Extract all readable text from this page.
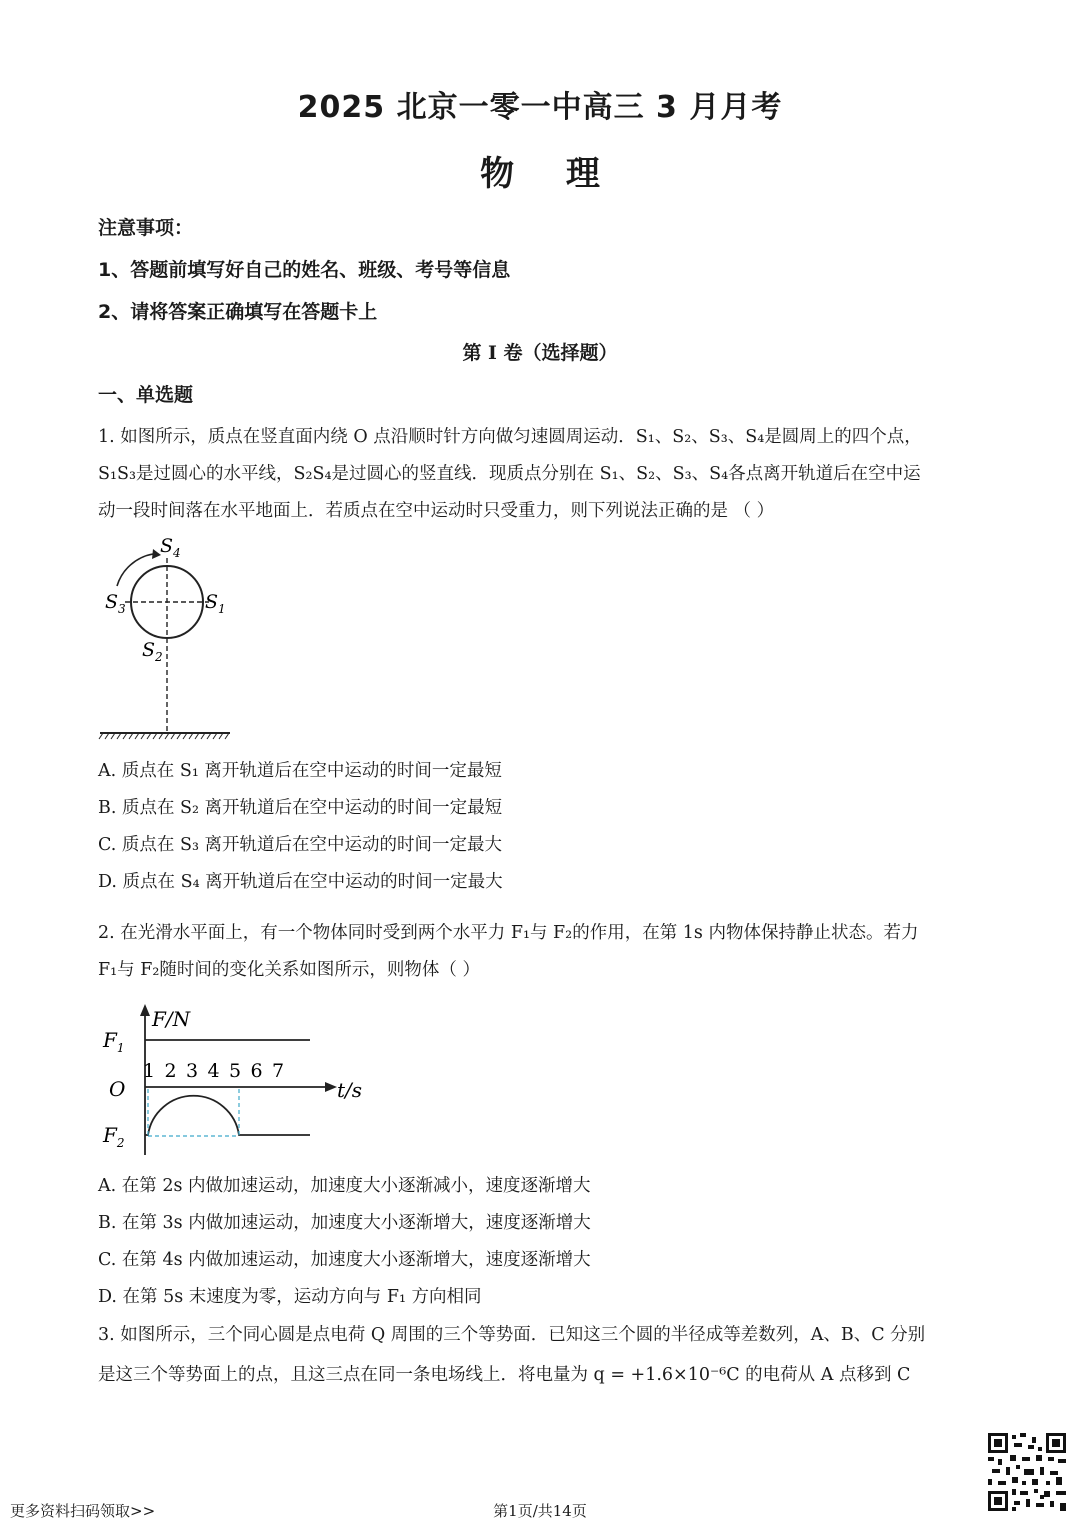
2025 北京一零一中高三 3 月月考
物 理
注意事项：
1、答题前填写好自己的姓名、班级、考号等信息
2、请将答案正确填写在答题卡上
第 I 卷（选择题）
一、单选题
1. 如图所示，质点在竖直面内绕 O 点沿顺时针方向做匀速圆周运动．S₁、S₂、S₃、S₄是圆周上的四个点，
S₁S₃是过圆心的水平线，S₂S₄是过圆心的竖直线．现质点分别在 S₁、S₂、S₃、S₄各点离开轨道后在空中运
动一段时间落在水平地面上．若质点在空中运动时只受重力，则下列说法正确的是 （ ）
$S_4$
$S_3$	$S_1$
$S_2$
A. 质点在 S₁ 离开轨道后在空中运动的时间一定最短
B. 质点在 S₂ 离开轨道后在空中运动的时间一定最短
C. 质点在 S₃ 离开轨道后在空中运动的时间一定最大
D. 质点在 S₄ 离开轨道后在空中运动的时间一定最大
2. 在光滑水平面上，有一个物体同时受到两个水平力 F₁与 F₂的作用，在第 1s 内物体保持静止状态。若力
F₁与 F₂随时间的变化关系如图所示，则物体（ ）
F/N
t/s
O
$F_1$
$F_2$
1 2 3 4 5 6 7
A. 在第 2s 内做加速运动，加速度大小逐渐减小，速度逐渐增大
B. 在第 3s 内做加速运动，加速度大小逐渐增大，速度逐渐增大
C. 在第 4s 内做加速运动，加速度大小逐渐增大，速度逐渐增大
D. 在第 5s 末速度为零，运动方向与 F₁ 方向相同
3. 如图所示，三个同心圆是点电荷 Q 周围的三个等势面．已知这三个圆的半径成等差数列，A、B、C 分别
是这三个等势面上的点，且这三点在同一条电场线上．将电量为 q = +1.6×10⁻⁶C 的电荷从 A 点移到 C
更多资料扫码领取>>	第1页/共14页
